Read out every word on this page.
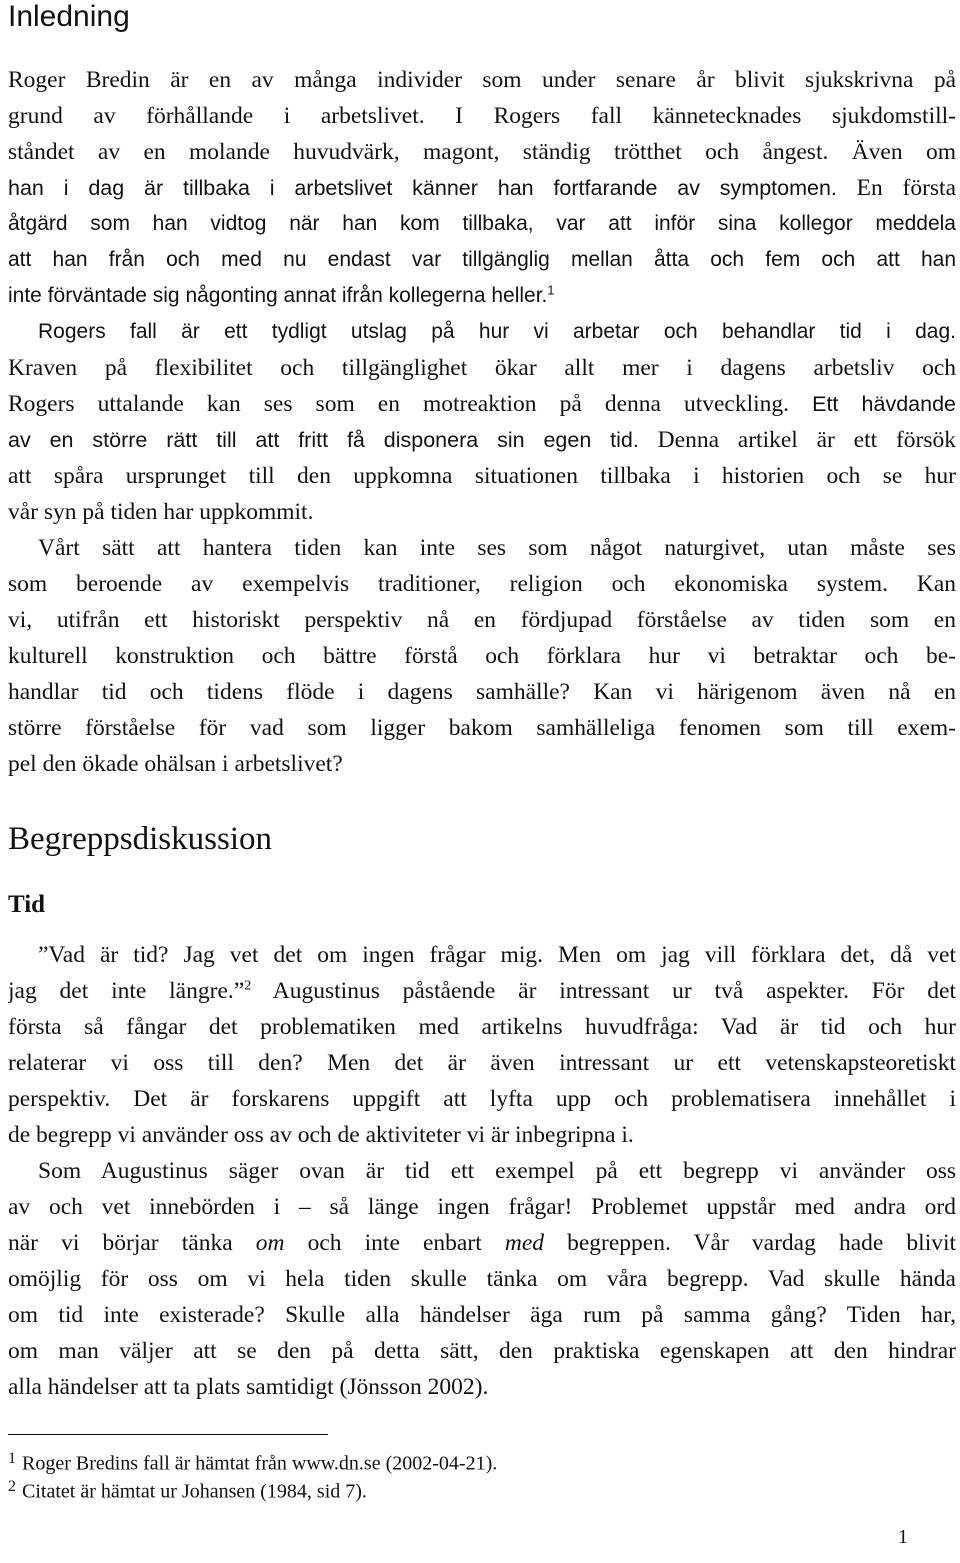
Inledning
Roger Bredin är en av många individer som under senare år blivit sjukskrivna på
grund av förhållande i arbetslivet. I Rogers fall kännetecknades sjukdomstill-
ståndet av en molande huvudvärk, magont, ständig trötthet och ångest. Även om
han i dag är tillbaka i arbetslivet känner han fortfarande av symptomen. En första
åtgärd som han vidtog när han kom tillbaka, var att inför sina kollegor meddela
att han från och med nu endast var tillgänglig mellan åtta och fem och att han
inte förväntade sig någonting annat ifrån kollegerna heller.$^1$
Rogers fall är ett tydligt utslag på hur vi arbetar och behandlar tid i dag.
Kraven på flexibilitet och tillgänglighet ökar allt mer i dagens arbetsliv och
Rogers uttalande kan ses som en motreaktion på denna utveckling. Ett hävdande
av en större rätt till att fritt få disponera sin egen tid. Denna artikel är ett försök
att spåra ursprunget till den uppkomna situationen tillbaka i historien och se hur
vår syn på tiden har uppkommit.
Vårt sätt att hantera tiden kan inte ses som något naturgivet, utan måste ses
som beroende av exempelvis traditioner, religion och ekonomiska system. Kan
vi, utifrån ett historiskt perspektiv nå en fördjupad förståelse av tiden som en
kulturell konstruktion och bättre förstå och förklara hur vi betraktar och be-
handlar tid och tidens flöde i dagens samhälle? Kan vi härigenom även nå en
större förståelse för vad som ligger bakom samhälleliga fenomen som till exem-
pel den ökade ohälsan i arbetslivet?
Begreppsdiskussion
Tid
”Vad är tid? Jag vet det om ingen frågar mig. Men om jag vill förklara det, då vet
jag det inte längre.”$^2$ Augustinus påstående är intressant ur två aspekter. För det
första så fångar det problematiken med artikelns huvudfråga: Vad är tid och hur
relaterar vi oss till den? Men det är även intressant ur ett vetenskapsteoretiskt
perspektiv. Det är forskarens uppgift att lyfta upp och problematisera innehållet i
de begrepp vi använder oss av och de aktiviteter vi är inbegripna i.
Som Augustinus säger ovan är tid ett exempel på ett begrepp vi använder oss
av och vet innebörden i – så länge ingen frågar! Problemet uppstår med andra ord
när vi börjar tänka om och inte enbart med begreppen. Vår vardag hade blivit
omöjlig för oss om vi hela tiden skulle tänka om våra begrepp. Vad skulle hända
om tid inte existerade? Skulle alla händelser äga rum på samma gång? Tiden har,
om man väljer att se den på detta sätt, den praktiska egenskapen att den hindrar
alla händelser att ta plats samtidigt (Jönsson 2002).
$^1$ Roger Bredins fall är hämtat från www.dn.se (2002-04-21).
$^2$ Citatet är hämtat ur Johansen (1984, sid 7).
1
